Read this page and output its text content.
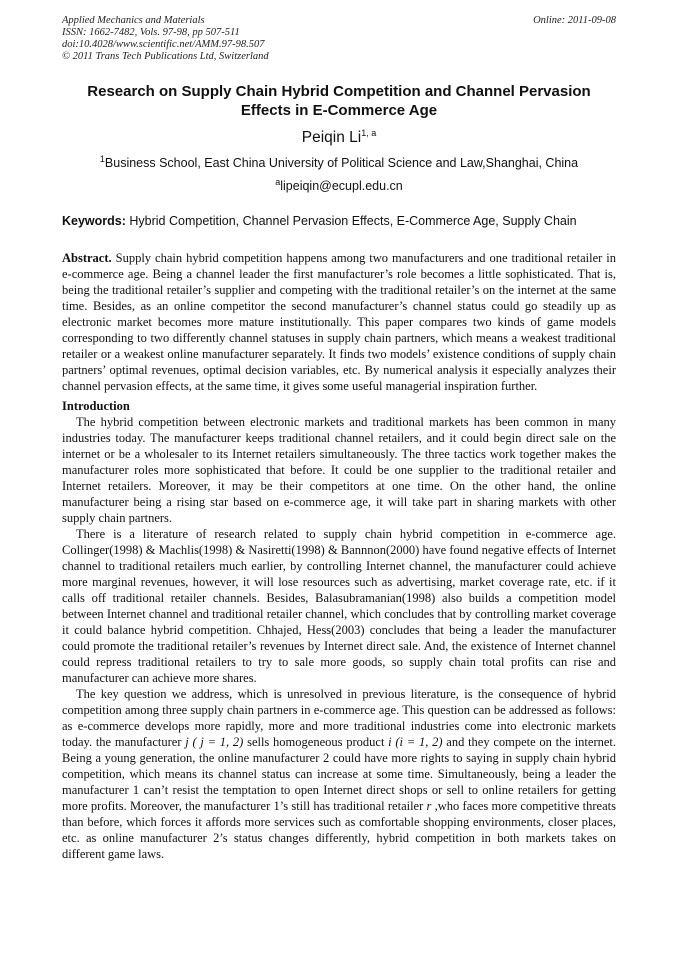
Applied Mechanics and Materials
ISSN: 1662-7482, Vols. 97-98, pp 507-511
doi:10.4028/www.scientific.net/AMM.97-98.507
© 2011 Trans Tech Publications Ltd, Switzerland
Online: 2011-09-08
Research on Supply Chain Hybrid Competition and Channel Pervasion Effects in E-Commerce Age
Peiqin Li$^{1, a}$
$^1$Business School, East China University of Political Science and Law,Shanghai, China
$^a$lipeiqin@ecupl.edu.cn
Keywords: Hybrid Competition, Channel Pervasion Effects, E-Commerce Age, Supply Chain

Abstract. Supply chain hybrid competition happens among two manufacturers and one traditional retailer in e-commerce age. Being a channel leader the first manufacturer’s role becomes a little sophisticated. That is, being the traditional retailer’s supplier and competing with the traditional retailer’s on the internet at the same time. Besides, as an online competitor the second manufacturer’s channel status could go steadily up as electronic market becomes more mature institutionally. This paper compares two kinds of game models corresponding to two differently channel statuses in supply chain partners, which means a weakest traditional retailer or a weakest online manufacturer separately. It finds two models’ existence conditions of supply chain partners’ optimal revenues, optimal decision variables, etc. By numerical analysis it especially analyzes their channel pervasion effects, at the same time, it gives some useful managerial inspiration further.

Introduction

The hybrid competition between electronic markets and traditional markets has been common in many industries today. The manufacturer keeps traditional channel retailers, and it could begin direct sale on the internet or be a wholesaler to its Internet retailers simultaneously. The three tactics work together makes the manufacturer roles more sophisticated that before. It could be one supplier to the traditional retailer and Internet retailers. Moreover, it may be their competitors at one time. On the other hand, the online manufacturer being a rising star based on e-commerce age, it will take part in sharing markets with other supply chain partners.

There is a literature of research related to supply chain hybrid competition in e-commerce age. Collinger(1998) & Machlis(1998) & Nasiretti(1998) & Bannnon(2000) have found negative effects of Internet channel to traditional retailers much earlier, by controlling Internet channel, the manufacturer could achieve more marginal revenues, however, it will lose resources such as advertising, market coverage rate, etc. if it calls off traditional retailer channels. Besides, Balasubramanian(1998) also builds a competition model between Internet channel and traditional retailer channel, which concludes that by controlling market coverage it could balance hybrid competition. Chhajed, Hess(2003) concludes that being a leader the manufacturer could promote the traditional retailer’s revenues by Internet direct sale. And, the existence of Internet channel could repress traditional retailers to try to sale more goods, so supply chain total profits can rise and manufacturer can achieve more shares.

The key question we address, which is unresolved in previous literature, is the consequence of hybrid competition among three supply chain partners in e-commerce age. This question can be addressed as follows: as e-commerce develops more rapidly, more and more traditional industries come into electronic markets today. the manufacturer j ( j = 1, 2) sells homogeneous product i (i = 1, 2) and they compete on the internet. Being a young generation, the online manufacturer 2 could have more rights to saying in supply chain hybrid competition, which means its channel status can increase at some time. Simultaneously, being a leader the manufacturer 1 can’t resist the temptation to open Internet direct shops or sell to online retailers for getting more profits. Moreover, the manufacturer 1’s still has traditional retailer r ,who faces more competitive threats than before, which forces it affords more services such as comfortable shopping environments, closer places, etc. as online manufacturer 2’s status changes differently, hybrid competition in both markets takes on different game laws.
